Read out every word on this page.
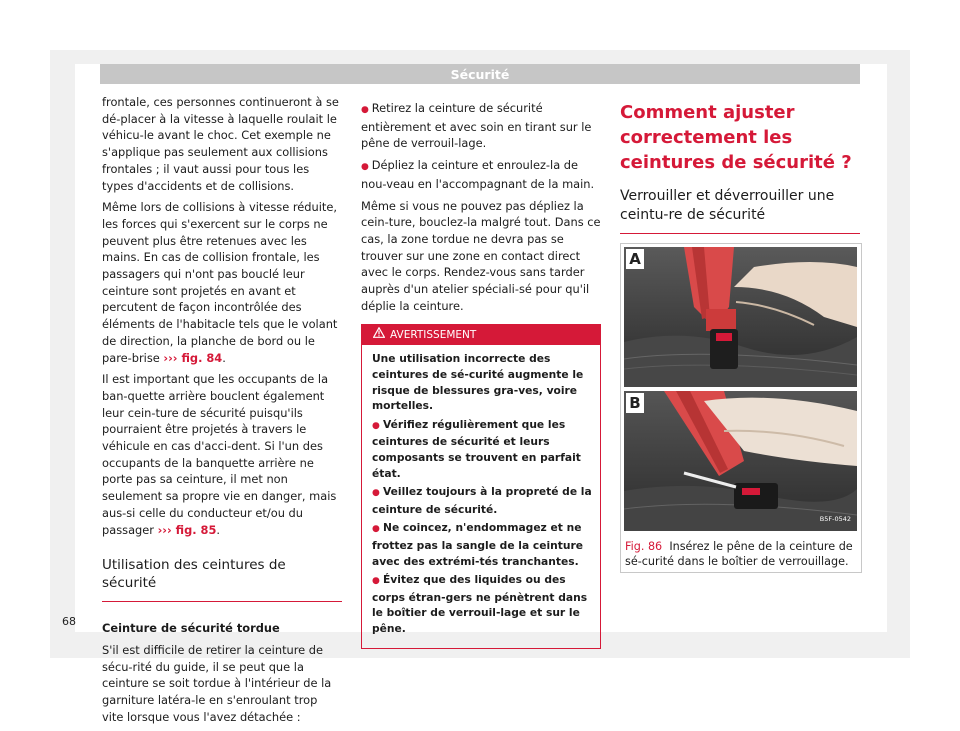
Sécurité

frontale, ces personnes continueront à se dé-placer à la vitesse à laquelle roulait le véhicu-le avant le choc. Cet exemple ne s'applique pas seulement aux collisions frontales ; il vaut aussi pour tous les types d'accidents et de collisions.

Même lors de collisions à vitesse réduite, les forces qui s'exercent sur le corps ne peuvent plus être retenues avec les mains. En cas de collision frontale, les passagers qui n'ont pas bouclé leur ceinture sont projetés en avant et percutent de façon incontrôlée des éléments de l'habitacle tels que le volant de direction, la planche de bord ou le pare-brise ››› fig. 84.

Il est important que les occupants de la ban-quette arrière bouclent également leur cein-ture de sécurité puisqu'ils pourraient être projetés à travers le véhicule en cas d'acci-dent. Si l'un des occupants de la banquette arrière ne porte pas sa ceinture, il met non seulement sa propre vie en danger, mais aus-si celle du conducteur et/ou du passager ››› fig. 85.

Utilisation des ceintures de sécurité

Ceinture de sécurité tordue

S'il est difficile de retirer la ceinture de sécu-rité du guide, il se peut que la ceinture se soit tordue à l'intérieur de la garniture latéra-le en s'enroulant trop vite lorsque vous l'avez détachée :

● Retirez la ceinture de sécurité entièrement et avec soin en tirant sur le pêne de verrouil-lage.

● Dépliez la ceinture et enroulez-la de nou-veau en l'accompagnant de la main.

Même si vous ne pouvez pas dépliez la cein-ture, bouclez-la malgré tout. Dans ce cas, la zone tordue ne devra pas se trouver sur une zone en contact direct avec le corps. Rendez-vous sans tarder auprès d'un atelier spéciali-sé pour qu'il déplie la ceinture.

AVERTISSEMENT

Une utilisation incorrecte des ceintures de sé-curité augmente le risque de blessures gra-ves, voire mortelles.

● Vérifiez régulièrement que les ceintures de sécurité et leurs composants se trouvent en parfait état.

● Veillez toujours à la propreté de la ceinture de sécurité.

● Ne coincez, n'endommagez et ne frottez pas la sangle de la ceinture avec des extrémi-tés tranchantes.

● Évitez que des liquides ou des corps étran-gers ne pénètrent dans le boîtier de verrouil-lage et sur le pêne.

Comment ajuster correctement les ceintures de sécurité ?
Verrouiller et déverrouiller une ceintu-re de sécurité
A
B
B5F-0542
Fig. 86 Insérez le pêne de la ceinture de sé-curité dans le boîtier de verrouillage.
68
